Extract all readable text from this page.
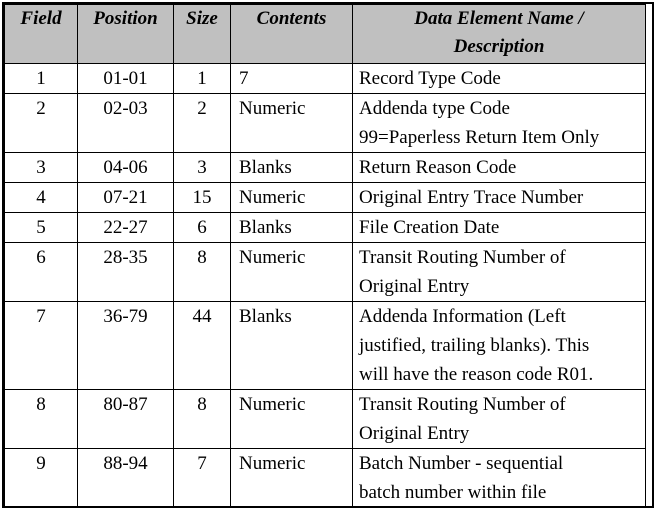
Field	Position	Size	Contents	Data Element Name /
Description

1	01-01	1	7	Record Type Code

2	02-03	2	Numeric	Addenda type Code
99=Paperless Return Item Only

3	04-06	3	Blanks	Return Reason Code

4	07-21	15	Numeric	Original Entry Trace Number

5	22-27	6	Blanks	File Creation Date

6	28-35	8	Numeric	Transit Routing Number of
Original Entry

7	36-79	44	Blanks	Addenda Information (Left
justified, trailing blanks). This
will have the reason code R01.

8	80-87	8	Numeric	Transit Routing Number of
Original Entry

9	88-94	7	Numeric	Batch Number - sequential
batch number within file
